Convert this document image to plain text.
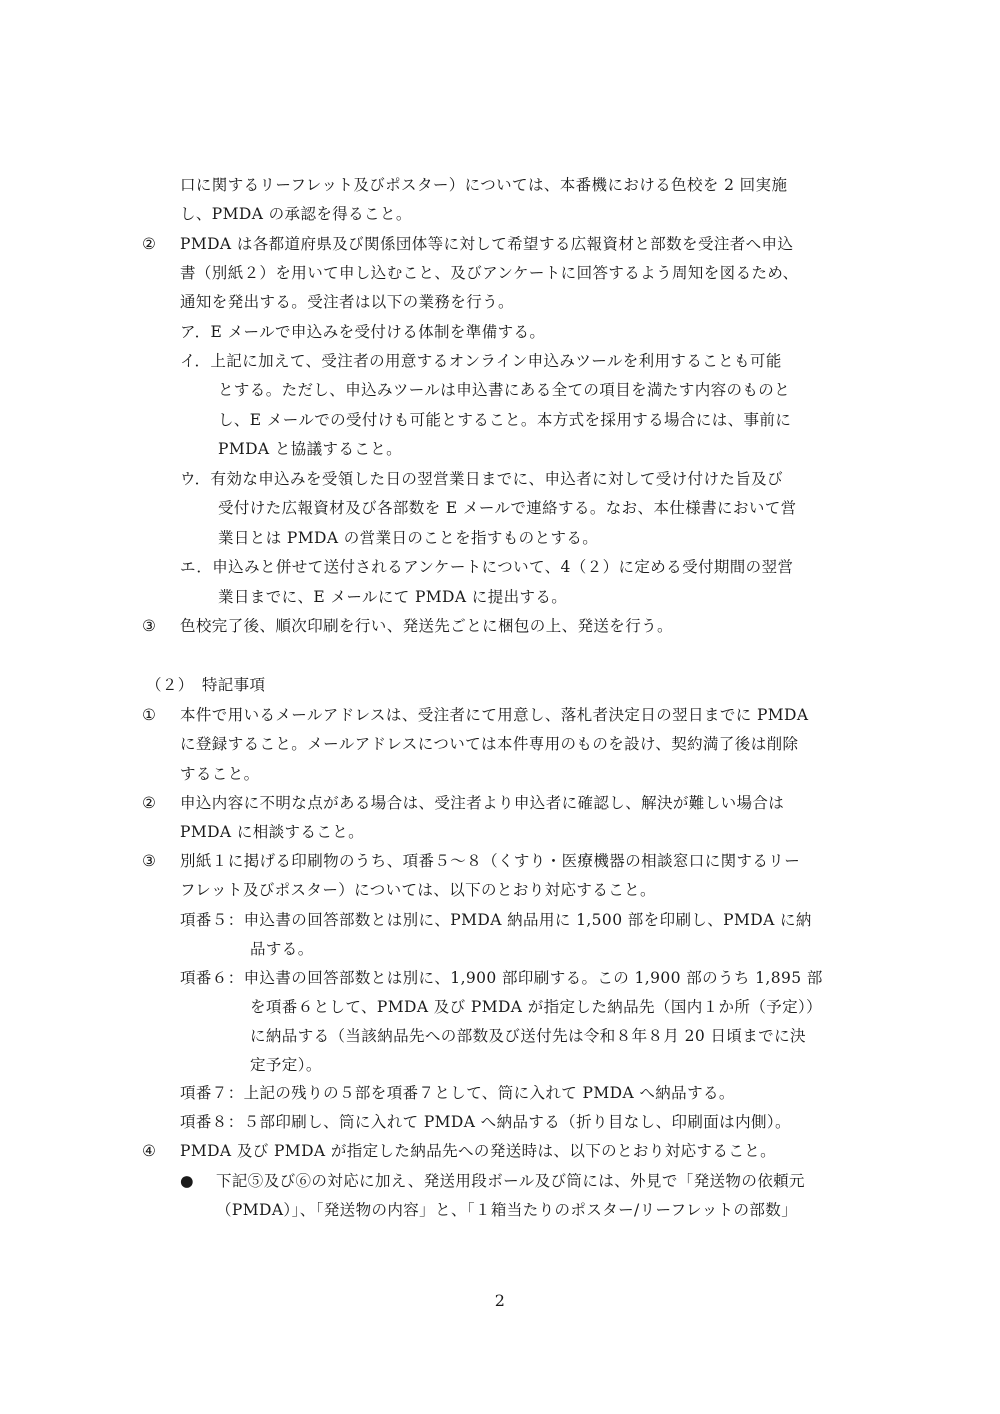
②
③
①
②
③
④
●
口に関するリーフレット及びポスター）については、本番機における色校を 2 回実施
し、PMDA の承認を得ること。
PMDA は各都道府県及び関係団体等に対して希望する広報資材と部数を受注者へ申込
書（別紙２）を用いて申し込むこと、及びアンケートに回答するよう周知を図るため、
通知を発出する。受注者は以下の業務を行う。
ア．E メールで申込みを受付ける体制を準備する。
イ．上記に加えて、受注者の用意するオンライン申込みツールを利用することも可能
とする。ただし、申込みツールは申込書にある全ての項目を満たす内容のものと
し、E メールでの受付けも可能とすること。本方式を採用する場合には、事前に
PMDA と協議すること。
ウ．有効な申込みを受領した日の翌営業日までに、申込者に対して受け付けた旨及び
受付けた広報資材及び各部数を E メールで連絡する。なお、本仕様書において営
業日とは PMDA の営業日のことを指すものとする。
エ．申込みと併せて送付されるアンケートについて、4（２）に定める受付期間の翌営
業日までに、E メールにて PMDA に提出する。
色校完了後、順次印刷を行い、発送先ごとに梱包の上、発送を行う。
（２）　特記事項
本件で用いるメールアドレスは、受注者にて用意し、落札者決定日の翌日までに PMDA
に登録すること。メールアドレスについては本件専用のものを設け、契約満了後は削除
すること。
申込内容に不明な点がある場合は、受注者より申込者に確認し、解決が難しい場合は
PMDA に相談すること。
別紙１に掲げる印刷物のうち、項番５～８（くすり・医療機器の相談窓口に関するリー
フレット及びポスター）については、以下のとおり対応すること。
項番５：申込書の回答部数とは別に、PMDA 納品用に 1,500 部を印刷し、PMDA に納
品する。
項番６：申込書の回答部数とは別に、1,900 部印刷する。この 1,900 部のうち 1,895 部
を項番６として、PMDA 及び PMDA が指定した納品先（国内１か所（予定））
に納品する（当該納品先への部数及び送付先は令和８年８月 20 日頃までに決
定予定）。
項番７：上記の残りの５部を項番７として、筒に入れて PMDA へ納品する。
項番８：５部印刷し、筒に入れて PMDA へ納品する（折り目なし、印刷面は内側）。
PMDA 及び PMDA が指定した納品先への発送時は、以下のとおり対応すること。
下記⑤及び⑥の対応に加え、発送用段ボール及び筒には、外見で「発送物の依頼元
（PMDA）」、「発送物の内容」と、「１箱当たりのポスター/リーフレットの部数」
2
